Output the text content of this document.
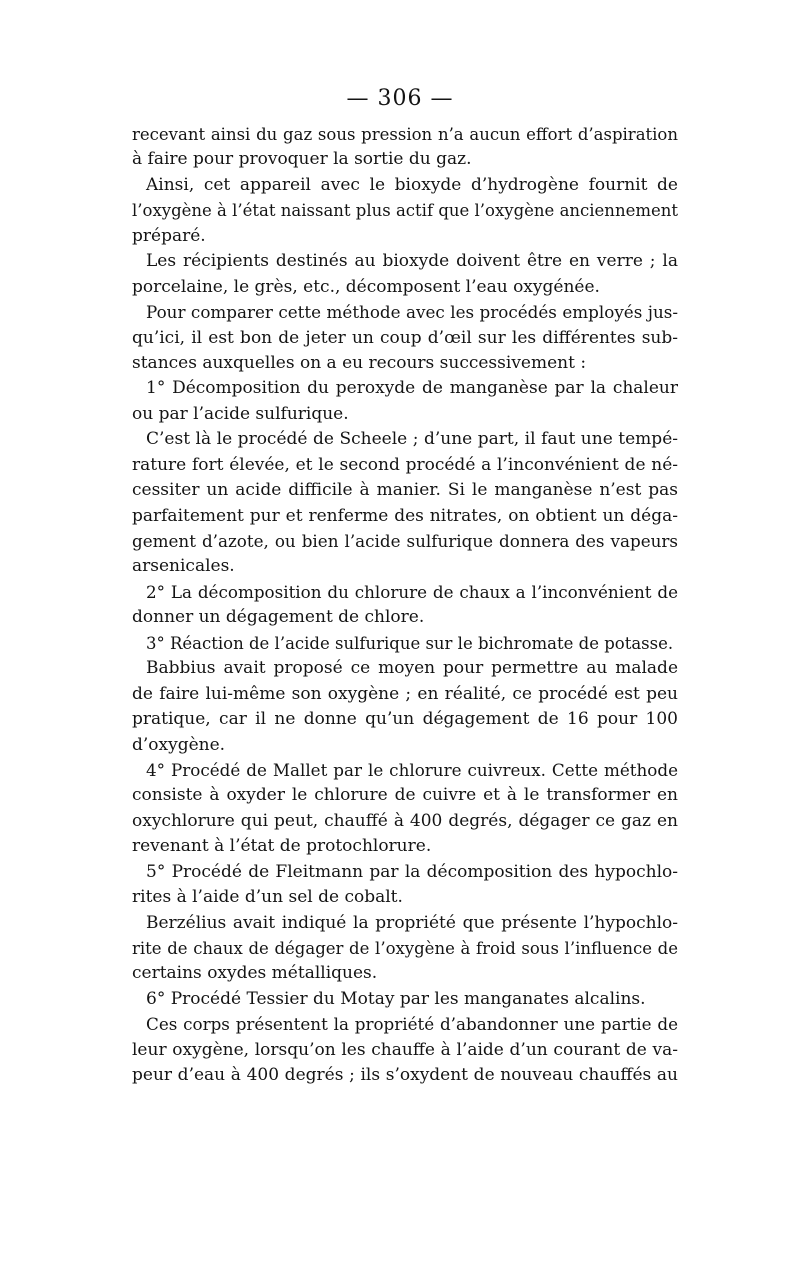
— 306 —
recevant ainsi du gaz sous pression n’a aucun effort d’aspiration
à faire pour provoquer la sortie du gaz.
Ainsi, cet appareil avec le bioxyde d’hydrogène fournit de
l’oxygène à l’état naissant plus actif que l’oxygène anciennement
préparé.
Les récipients destinés au bioxyde doivent être en verre ; la
porcelaine, le grès, etc., décomposent l’eau oxygénée.
Pour comparer cette méthode avec les procédés employés jus-
qu’ici, il est bon de jeter un coup d’œil sur les différentes sub-
stances auxquelles on a eu recours successivement :
1° Décomposition du peroxyde de manganèse par la chaleur
ou par l’acide sulfurique.
C’est là le procédé de Scheele ; d’une part, il faut une tempé-
rature fort élevée, et le second procédé a l’inconvénient de né-
cessiter un acide difficile à manier. Si le manganèse n’est pas
parfaitement pur et renferme des nitrates, on obtient un déga-
gement d’azote, ou bien l’acide sulfurique donnera des vapeurs
arsenicales.
2° La décomposition du chlorure de chaux a l’inconvénient de
donner un dégagement de chlore.
3° Réaction de l’acide sulfurique sur le bichromate de potasse.
Babbius avait proposé ce moyen pour permettre au malade
de faire lui-même son oxygène ; en réalité, ce procédé est peu
pratique, car il ne donne qu’un dégagement de 16 pour 100
d’oxygène.
4° Procédé de Mallet par le chlorure cuivreux. Cette méthode
consiste à oxyder le chlorure de cuivre et à le transformer en
oxychlorure qui peut, chauffé à 400 degrés, dégager ce gaz en
revenant à l’état de protochlorure.
5° Procédé de Fleitmann par la décomposition des hypochlo-
rites à l’aide d’un sel de cobalt.
Berzélius avait indiqué la propriété que présente l’hypochlo-
rite de chaux de dégager de l’oxygène à froid sous l’influence de
certains oxydes métalliques.
6° Procédé Tessier du Motay par les manganates alcalins.
Ces corps présentent la propriété d’abandonner une partie de
leur oxygène, lorsqu’on les chauffe à l’aide d’un courant de va-
peur d’eau à 400 degrés ; ils s’oxydent de nouveau chauffés au
